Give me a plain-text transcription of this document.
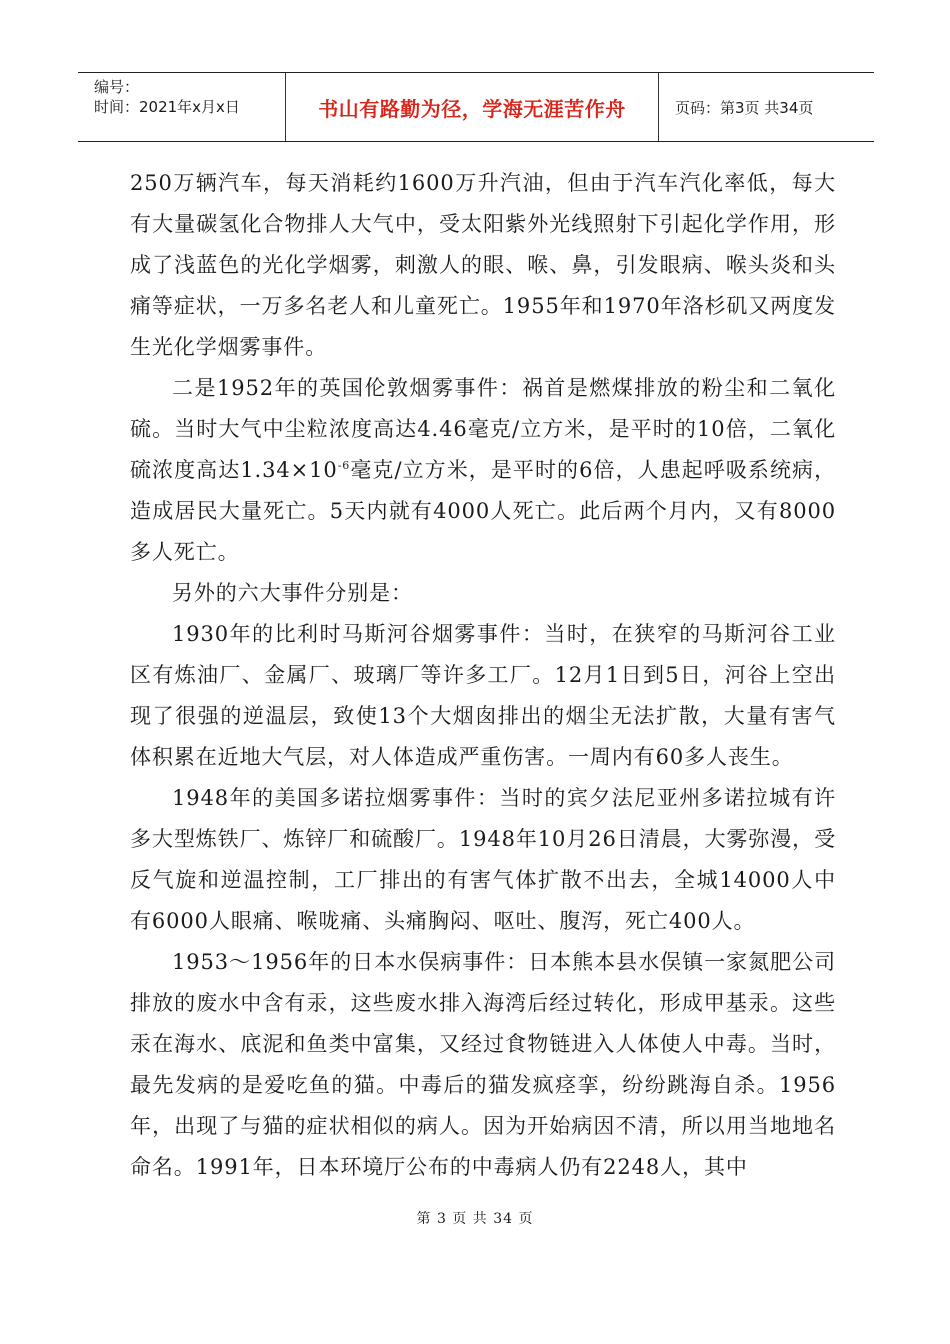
编号：
时间：2021年x月x日	书山有路勤为径，学海无涯苦作舟	页码：第3页 共34页

250万辆汽车，每天消耗约1600万升汽油，但由于汽车汽化率低，每大有大量碳氢化合物排人大气中，受太阳紫外光线照射下引起化学作用，形成了浅蓝色的光化学烟雾，刺激人的眼、喉、鼻，引发眼病、喉头炎和头痛等症状，一万多名老人和儿童死亡。1955年和1970年洛杉矶又两度发生光化学烟雾事件。

二是1952年的英国伦敦烟雾事件：祸首是燃煤排放的粉尘和二氧化硫。当时大气中尘粒浓度高达4.46毫克/立方米，是平时的10倍，二氧化硫浓度高达$1.34\times 10^{-6}$毫克/立方米，是平时的6倍，人患起呼吸系统病，造成居民大量死亡。5天内就有4000人死亡。此后两个月内，又有8000多人死亡。

另外的六大事件分别是：

1930年的比利时马斯河谷烟雾事件：当时，在狭窄的马斯河谷工业区有炼油厂、金属厂、玻璃厂等许多工厂。12月1日到5日，河谷上空出现了很强的逆温层，致使13个大烟囱排出的烟尘无法扩散，大量有害气体积累在近地大气层，对人体造成严重伤害。一周内有60多人丧生。

1948年的美国多诺拉烟雾事件：当时的宾夕法尼亚州多诺拉城有许多大型炼铁厂、炼锌厂和硫酸厂。1948年10月26日清晨，大雾弥漫，受反气旋和逆温控制，工厂排出的有害气体扩散不出去，全城14000人中有6000人眼痛、喉咙痛、头痛胸闷、呕吐、腹泻，死亡400人。

1953～1956年的日本水俣病事件：日本熊本县水俣镇一家氮肥公司排放的废水中含有汞，这些废水排入海湾后经过转化，形成甲基汞。这些汞在海水、底泥和鱼类中富集，又经过食物链进入人体使人中毒。当时，最先发病的是爱吃鱼的猫。中毒后的猫发疯痉挛，纷纷跳海自杀。1956年，出现了与猫的症状相似的病人。因为开始病因不清，所以用当地地名命名。1991年，日本环境厅公布的中毒病人仍有2248人，其中

第 3 页 共 34 页
